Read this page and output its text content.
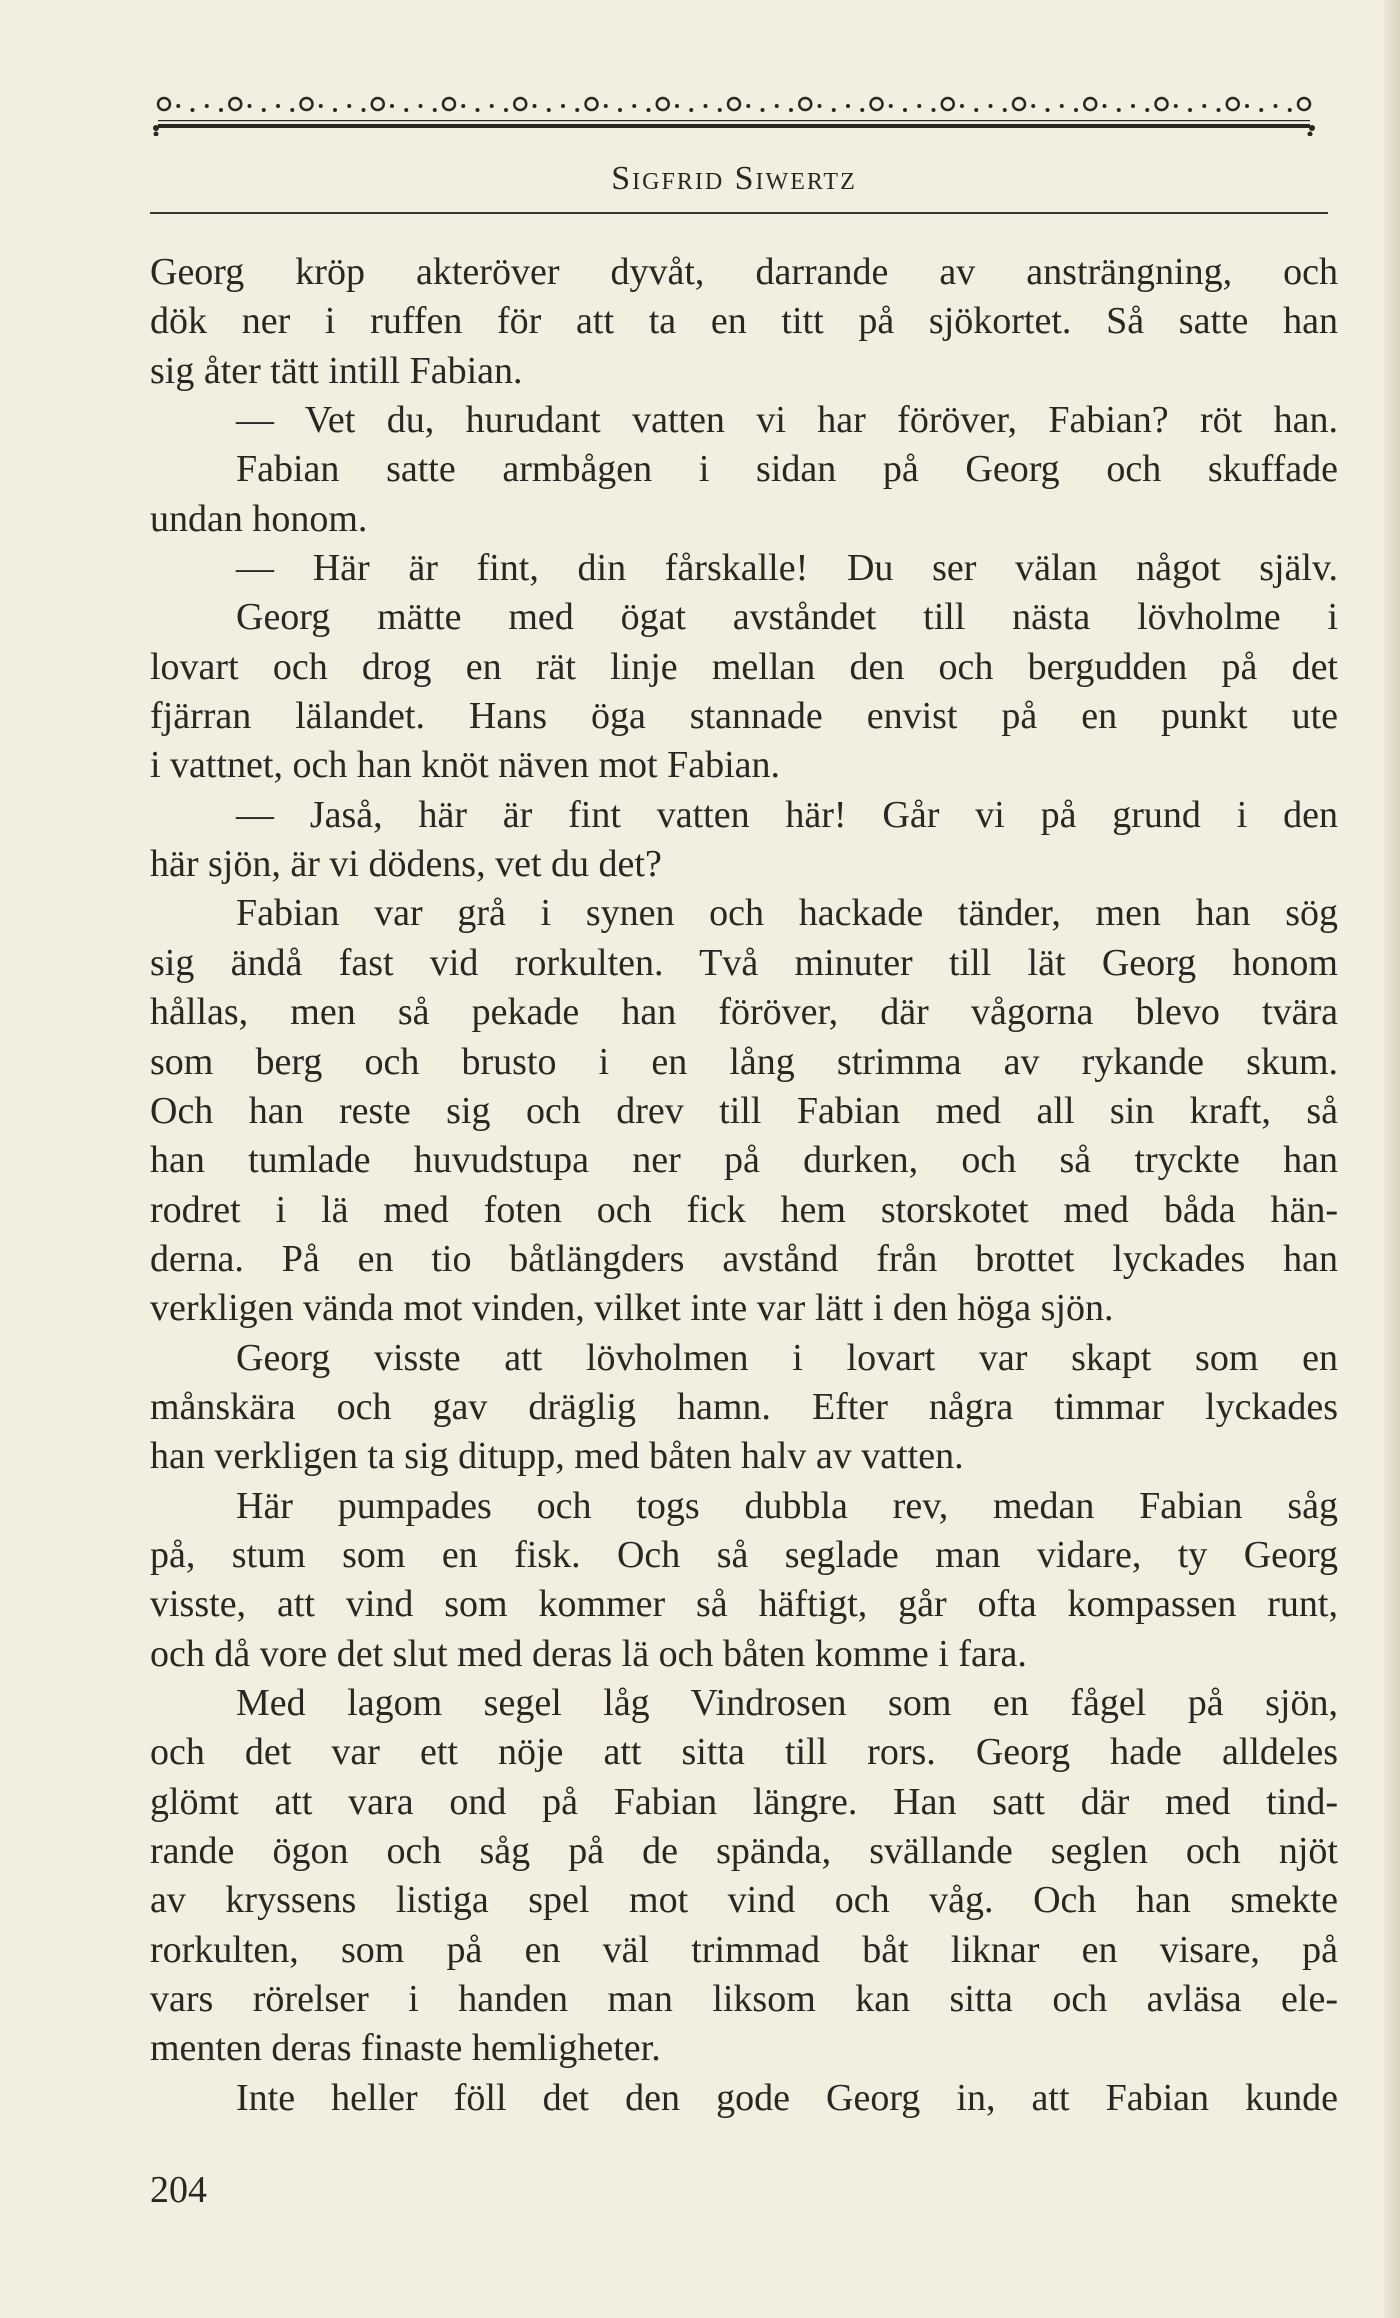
Sigfrid Siwertz
Georg kröp akteröver dyvåt, darrande av ansträngning, och
dök ner i ruffen för att ta en titt på sjökortet. Så satte han
sig åter tätt intill Fabian.
— Vet du, hurudant vatten vi har föröver, Fabian? röt han.
Fabian satte armbågen i sidan på Georg och skuffade
undan honom.
— Här är fint, din fårskalle! Du ser välan något själv.
Georg mätte med ögat avståndet till nästa lövholme i
lovart och drog en rät linje mellan den och bergudden på det
fjärran lälandet. Hans öga stannade envist på en punkt ute
i vattnet, och han knöt näven mot Fabian.
— Jaså, här är fint vatten här! Går vi på grund i den
här sjön, är vi dödens, vet du det?
Fabian var grå i synen och hackade tänder, men han sög
sig ändå fast vid rorkulten. Två minuter till lät Georg honom
hållas, men så pekade han föröver, där vågorna blevo tvära
som berg och brusto i en lång strimma av rykande skum.
Och han reste sig och drev till Fabian med all sin kraft, så
han tumlade huvudstupa ner på durken, och så tryckte han
rodret i lä med foten och fick hem storskotet med båda hän-
derna. På en tio båtlängders avstånd från brottet lyckades han
verkligen vända mot vinden, vilket inte var lätt i den höga sjön.
Georg visste att lövholmen i lovart var skapt som en
månskära och gav dräglig hamn. Efter några timmar lyckades
han verkligen ta sig ditupp, med båten halv av vatten.
Här pumpades och togs dubbla rev, medan Fabian såg
på, stum som en fisk. Och så seglade man vidare, ty Georg
visste, att vind som kommer så häftigt, går ofta kompassen runt,
och då vore det slut med deras lä och båten komme i fara.
Med lagom segel låg Vindrosen som en fågel på sjön,
och det var ett nöje att sitta till rors. Georg hade alldeles
glömt att vara ond på Fabian längre. Han satt där med tind-
rande ögon och såg på de spända, svällande seglen och njöt
av kryssens listiga spel mot vind och våg. Och han smekte
rorkulten, som på en väl trimmad båt liknar en visare, på
vars rörelser i handen man liksom kan sitta och avläsa ele-
menten deras finaste hemligheter.
Inte heller föll det den gode Georg in, att Fabian kunde
204
